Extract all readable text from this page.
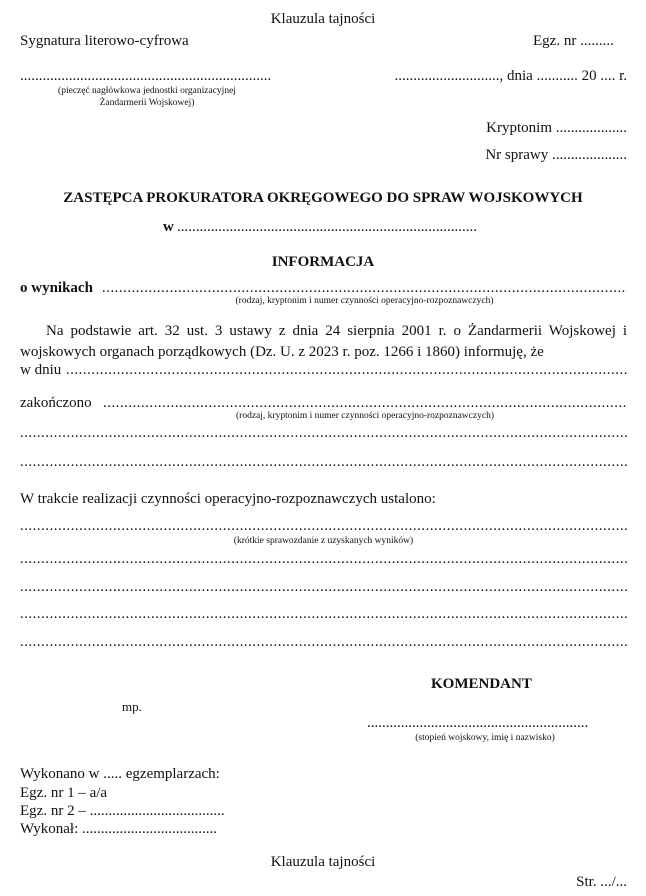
Klauzula tajności
Sygnatura literowo-cyfrowa	Egz. nr .........
...................................................................
(pieczęć nagłówkowa jednostki organizacyjnej
Żandarmerii Wojskowej)
............................, dnia ........... 20 .... r.
Kryptonim ...................
Nr sprawy ....................
ZASTĘPCA PROKURATORA OKRĘGOWEGO DO SPRAW WOJSKOWYCH
w ................................................................................
INFORMACJA
o wynikach
.....
(rodzaj, kryptonim i numer czynności operacyjno-rozpoznawczych)
Na podstawie art. 32 ust. 3 ustawy z dnia 24 sierpnia 2001 r. o Żandarmerii Wojskowej i wojskowych organach porządkowych (Dz. U. z 2023 r. poz. 1266 i 1860) informuję, że
w dniu
.....
zakończono
.....
(rodzaj, kryptonim i numer czynności operacyjno-rozpoznawczych)
.....
.....
W trakcie realizacji czynności operacyjno-rozpoznawczych ustalono:
.....
(krótkie sprawozdanie z uzyskanych wyników)
.....
.....
.....
.....
KOMENDANT
mp.
...........................................................
(stopień wojskowy, imię i nazwisko)
Wykonano w ..... egzemplarzach:
Egz. nr 1 – a/a
Egz. nr 2 – ....................................
Wykonał: ....................................
Klauzula tajności
Str. .../...
